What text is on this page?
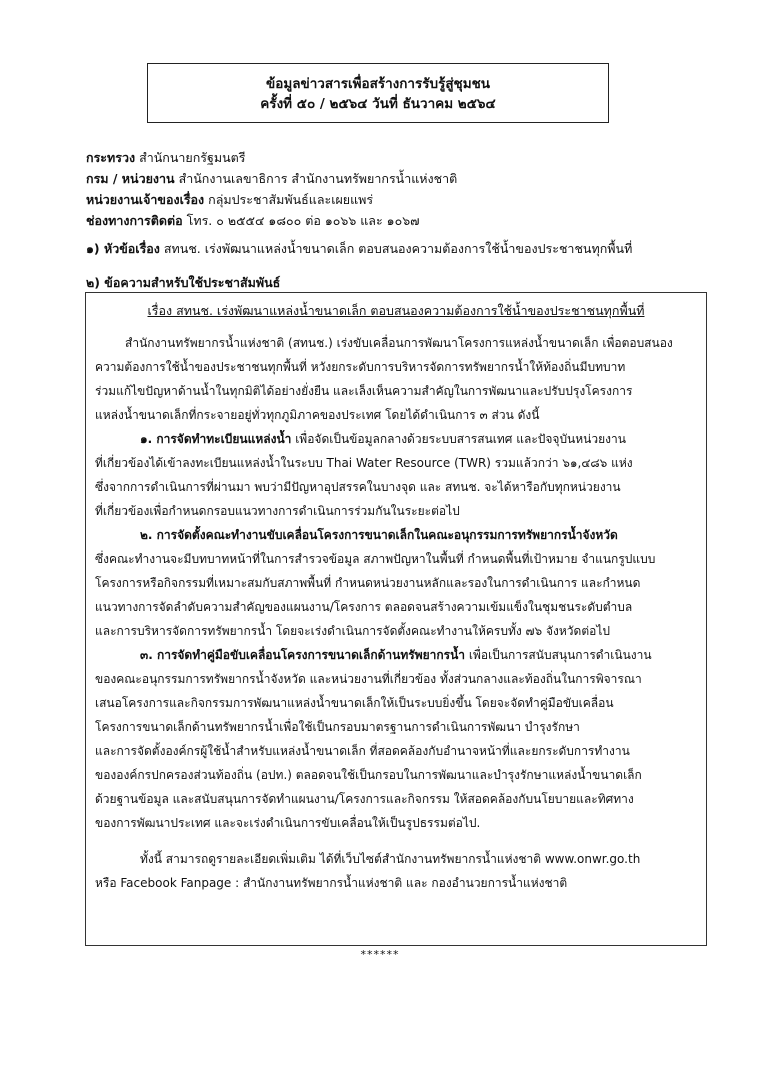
ข้อมูลข่าวสารเพื่อสร้างการรับรู้สู่ชุมชน
ครั้งที่ ๕๐ / ๒๕๖๔ วันที่ ธันวาคม ๒๕๖๔
กระทรวง สำนักนายกรัฐมนตรี
กรม / หน่วยงาน สำนักงานเลขาธิการ สำนักงานทรัพยากรน้ำแห่งชาติ
หน่วยงานเจ้าของเรื่อง กลุ่มประชาสัมพันธ์และเผยแพร่
ช่องทางการติดต่อ โทร. ๐ ๒๕๕๔ ๑๘๐๐ ต่อ ๑๐๖๖ และ ๑๐๖๗
๑) หัวข้อเรื่อง สทนช. เร่งพัฒนาแหล่งน้ำขนาดเล็ก ตอบสนองความต้องการใช้น้ำของประชาชนทุกพื้นที่
๒) ข้อความสำหรับใช้ประชาสัมพันธ์
เรื่อง สทนช. เร่งพัฒนาแหล่งน้ำขนาดเล็ก ตอบสนองความต้องการใช้น้ำของประชาชนทุกพื้นที่
สำนักงานทรัพยากรน้ำแห่งชาติ (สทนช.) เร่งขับเคลื่อนการพัฒนาโครงการแหล่งน้ำขนาดเล็ก เพื่อตอบสนอง
ความต้องการใช้น้ำของประชาชนทุกพื้นที่ หวังยกระดับการบริหารจัดการทรัพยากรน้ำให้ท้องถิ่นมีบทบาท
ร่วมแก้ไขปัญหาด้านน้ำในทุกมิติได้อย่างยั่งยืน และเล็งเห็นความสำคัญในการพัฒนาและปรับปรุงโครงการ
แหล่งน้ำขนาดเล็กที่กระจายอยู่ทั่วทุกภูมิภาคของประเทศ โดยได้ดำเนินการ ๓ ส่วน ดังนี้
๑. การจัดทำทะเบียนแหล่งน้ำ เพื่อจัดเป็นข้อมูลกลางด้วยระบบสารสนเทศ และปัจจุบันหน่วยงาน
ที่เกี่ยวข้องได้เข้าลงทะเบียนแหล่งน้ำในระบบ Thai Water Resource (TWR) รวมแล้วกว่า ๖๑,๔๘๖ แห่ง
ซึ่งจากการดำเนินการที่ผ่านมา พบว่ามีปัญหาอุปสรรคในบางจุด และ สทนช. จะได้หารือกับทุกหน่วยงาน
ที่เกี่ยวข้องเพื่อกำหนดกรอบแนวทางการดำเนินการร่วมกันในระยะต่อไป
๒. การจัดตั้งคณะทำงานขับเคลื่อนโครงการขนาดเล็กในคณะอนุกรรมการทรัพยากรน้ำจังหวัด
ซึ่งคณะทำงานจะมีบทบาทหน้าที่ในการสำรวจข้อมูล สภาพปัญหาในพื้นที่ กำหนดพื้นที่เป้าหมาย จำแนกรูปแบบ
โครงการหรือกิจกรรมที่เหมาะสมกับสภาพพื้นที่ กำหนดหน่วยงานหลักและรองในการดำเนินการ และกำหนด
แนวทางการจัดลำดับความสำคัญของแผนงาน/โครงการ ตลอดจนสร้างความเข้มแข็งในชุมชนระดับตำบล
และการบริหารจัดการทรัพยากรน้ำ โดยจะเร่งดำเนินการจัดตั้งคณะทำงานให้ครบทั้ง ๗๖ จังหวัดต่อไป
๓. การจัดทำคู่มือขับเคลื่อนโครงการขนาดเล็กด้านทรัพยากรน้ำ เพื่อเป็นการสนับสนุนการดำเนินงาน
ของคณะอนุกรรมการทรัพยากรน้ำจังหวัด และหน่วยงานที่เกี่ยวข้อง ทั้งส่วนกลางและท้องถิ่นในการพิจารณา
เสนอโครงการและกิจกรรมการพัฒนาแหล่งน้ำขนาดเล็กให้เป็นระบบยิ่งขึ้น โดยจะจัดทำคู่มือขับเคลื่อน
โครงการขนาดเล็กด้านทรัพยากรน้ำเพื่อใช้เป็นกรอบมาตรฐานการดำเนินการพัฒนา บำรุงรักษา
และการจัดตั้งองค์กรผู้ใช้น้ำสำหรับแหล่งน้ำขนาดเล็ก ที่สอดคล้องกับอำนาจหน้าที่และยกระดับการทำงาน
ขององค์กรปกครองส่วนท้องถิ่น (อปท.) ตลอดจนใช้เป็นกรอบในการพัฒนาและบำรุงรักษาแหล่งน้ำขนาดเล็ก
ด้วยฐานข้อมูล และสนับสนุนการจัดทำแผนงาน/โครงการและกิจกรรม ให้สอดคล้องกับนโยบายและทิศทาง
ของการพัฒนาประเทศ และจะเร่งดำเนินการขับเคลื่อนให้เป็นรูปธรรมต่อไป.
ทั้งนี้ สามารถดูรายละเอียดเพิ่มเติม ได้ที่เว็บไซต์สำนักงานทรัพยากรน้ำแห่งชาติ www.onwr.go.th
หรือ Facebook Fanpage : สำนักงานทรัพยากรน้ำแห่งชาติ และ กองอำนวยการน้ำแห่งชาติ
******
